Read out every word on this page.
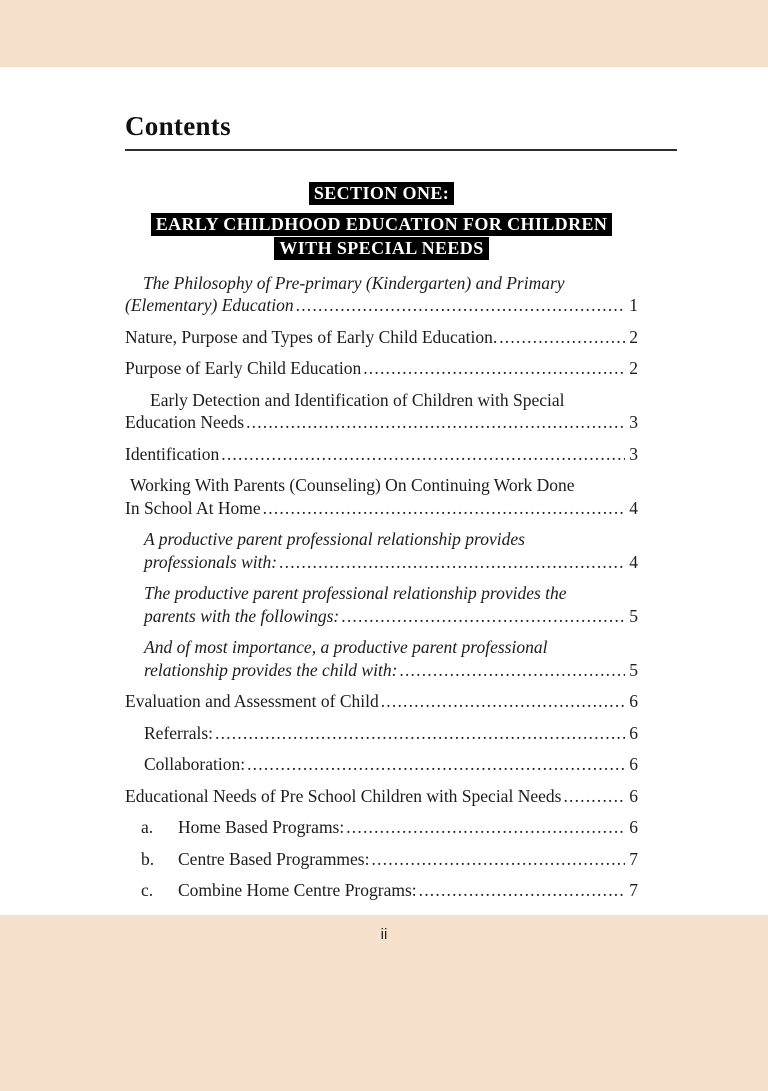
Contents
SECTION ONE:
EARLY CHILDHOOD EDUCATION FOR CHILDREN
WITH SPECIAL NEEDS
The Philosophy of Pre-primary (Kindergarten) and Primary
(Elementary) Education .....	1
Nature, Purpose and Types of Early Child Education. .....	2
Purpose of Early Child Education .....	2
Early Detection and Identification of Children with Special
Education Needs .....	3
Identification .....	3
Working With Parents (Counseling) On Continuing Work Done
In School At Home .....	4
A productive parent professional relationship provides
professionals with: .....	4
The productive parent professional relationship provides the
parents with the followings: .....	5
And of most importance, a productive parent professional
relationship provides the child with: .....	5
Evaluation and Assessment of Child .....	6
Referrals: .....	6
Collaboration: .....	6
Educational Needs of Pre School Children with Special Needs .....	6
a.	Home Based Programs: .....	6
b.	Centre Based Programmes: .....	7
c.	Combine Home Centre Programs: .....	7
ii
